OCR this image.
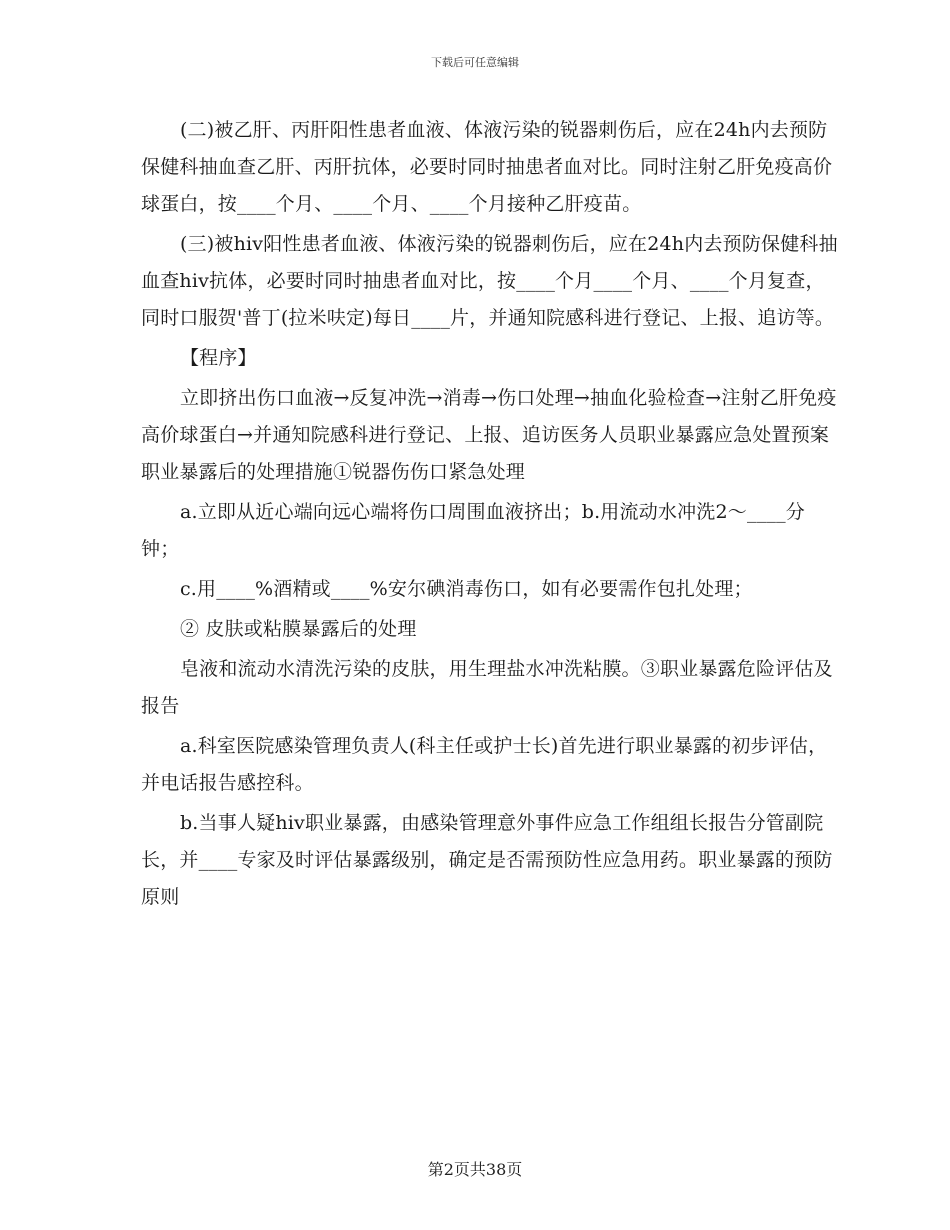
下载后可任意编辑

(二)被乙肝、丙肝阳性患者血液、体液污染的锐器刺伤后，应在24h内去预防保健科抽血查乙肝、丙肝抗体，必要时同时抽患者血对比。同时注射乙肝免疫高价球蛋白，按____个月、____个月、____个月接种乙肝疫苗。

(三)被hiv阳性患者血液、体液污染的锐器刺伤后，应在24h内去预防保健科抽血查hiv抗体，必要时同时抽患者血对比，按____个月____个月、____个月复查，同时口服贺'普丁(拉米呋定)每日____片，并通知院感科进行登记、上报、追访等。

【程序】

立即挤出伤口血液→反复冲洗→消毒→伤口处理→抽血化验检查→注射乙肝免疫高价球蛋白→并通知院感科进行登记、上报、追访医务人员职业暴露应急处置预案职业暴露后的处理措施①锐器伤伤口紧急处理

a.立即从近心端向远心端将伤口周围血液挤出；b.用流动水冲洗2～____分钟；

c.用____%酒精或____%安尔碘消毒伤口，如有必要需作包扎处理；

② 皮肤或粘膜暴露后的处理

皂液和流动水清洗污染的皮肤，用生理盐水冲洗粘膜。③职业暴露危险评估及报告

a.科室医院感染管理负责人(科主任或护士长)首先进行职业暴露的初步评估，并电话报告感控科。

b.当事人疑hiv职业暴露，由感染管理意外事件应急工作组组长报告分管副院长，并____专家及时评估暴露级别，确定是否需预防性应急用药。职业暴露的预防原则

第2页共38页
